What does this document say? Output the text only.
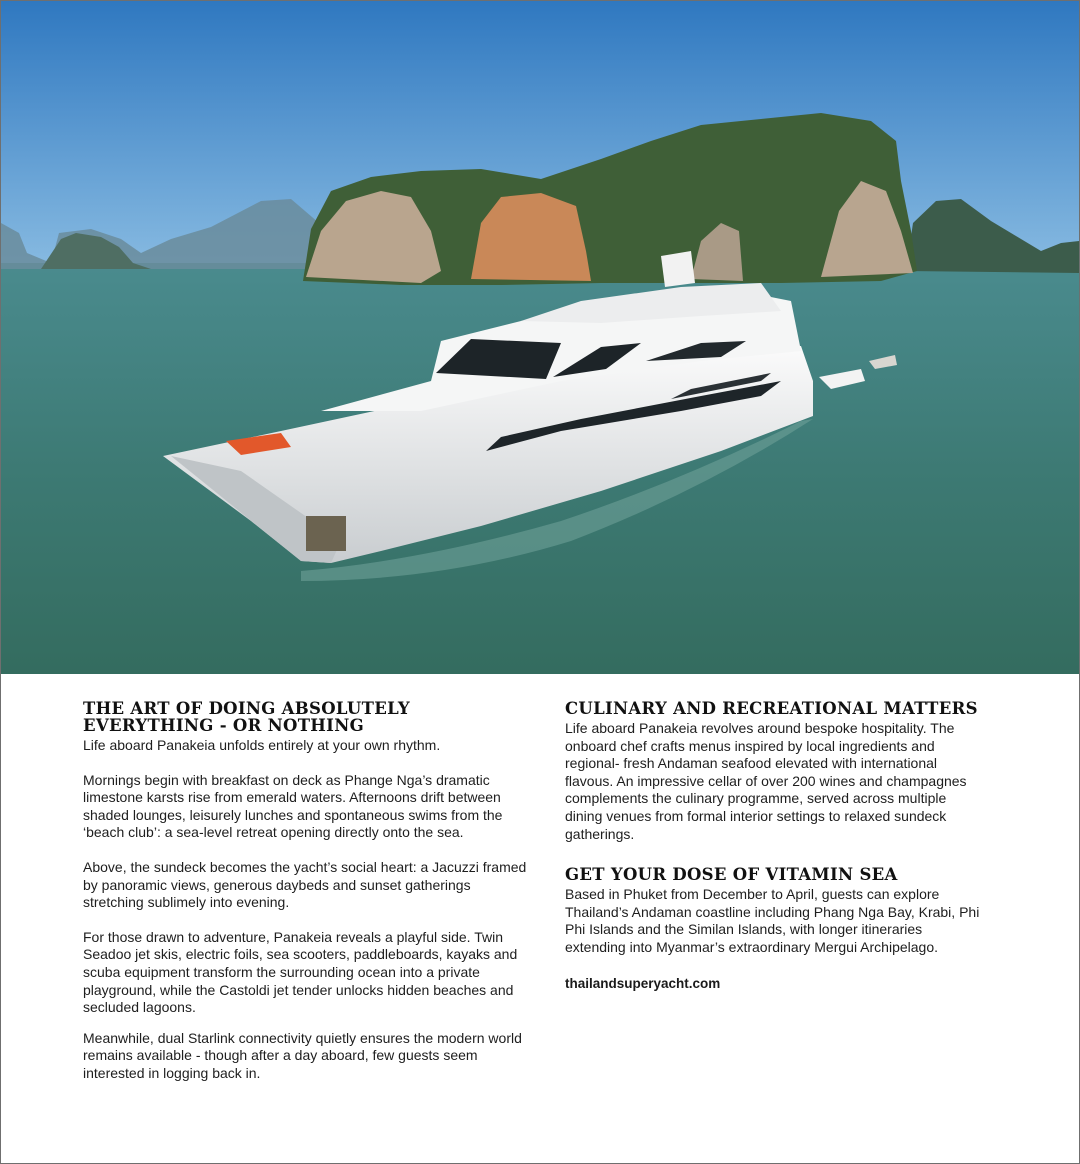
THE ART OF DOING ABSOLUTELY EVERYTHING - OR NOTHING

Life aboard Panakeia unfolds entirely at your own rhythm.

Mornings begin with breakfast on deck as Phange Nga’s dramatic limestone karsts rise from emerald waters. Afternoons drift between shaded lounges, leisurely lunches and spontaneous swims from the ‘beach club’: a sea-level retreat opening directly onto the sea.

Above, the sundeck becomes the yacht’s social heart: a Jacuzzi framed by panoramic views, generous daybeds and sunset gatherings stretching sublimely into evening.

For those drawn to adventure, Panakeia reveals a playful side. Twin Seadoo jet skis, electric foils, sea scooters, paddleboards, kayaks and scuba equipment transform the surrounding ocean into a private playground, while the Castoldi jet tender unlocks hidden beaches and secluded lagoons.

Meanwhile, dual Starlink connectivity quietly ensures the modern world remains available - though after a day aboard, few guests seem interested in logging back in.

CULINARY AND RECREATIONAL MATTERS

Life aboard Panakeia revolves around bespoke hospitality. The onboard chef crafts menus inspired by local ingredients and regional- fresh Andaman seafood elevated with international flavous. An impressive cellar of over 200 wines and champagnes complements the culinary programme, served across multiple dining venues from formal interior settings to relaxed sundeck gatherings.

GET YOUR DOSE OF VITAMIN SEA

Based in Phuket from December to April, guests can explore Thailand’s Andaman coastline including Phang Nga Bay, Krabi, Phi Phi Islands and the Similan Islands, with longer itineraries extending into Myanmar’s extraordinary Mergui Archipelago.

thailandsuperyacht.com
